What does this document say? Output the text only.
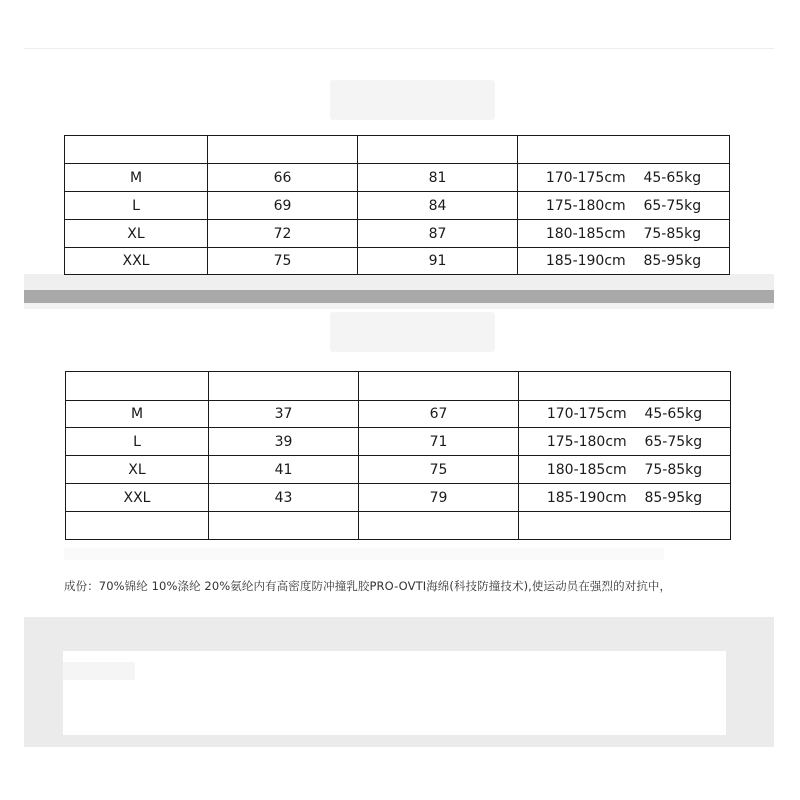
M	66	81	170-175cm    45-65kg
L	69	84	175-180cm    65-75kg
XL	72	87	180-185cm    75-85kg
XXL	75	91	185-190cm    85-95kg

M	37	67	170-175cm    45-65kg
L	39	71	175-180cm    65-75kg
XL	41	75	180-185cm    75-85kg
XXL	43	79	185-190cm    85-95kg

成份：70%锦纶 10%涤纶 20%氨纶内有高密度防冲撞乳胶PRO-OVTI海绵(科技防撞技术),使运动员在强烈的对抗中，
